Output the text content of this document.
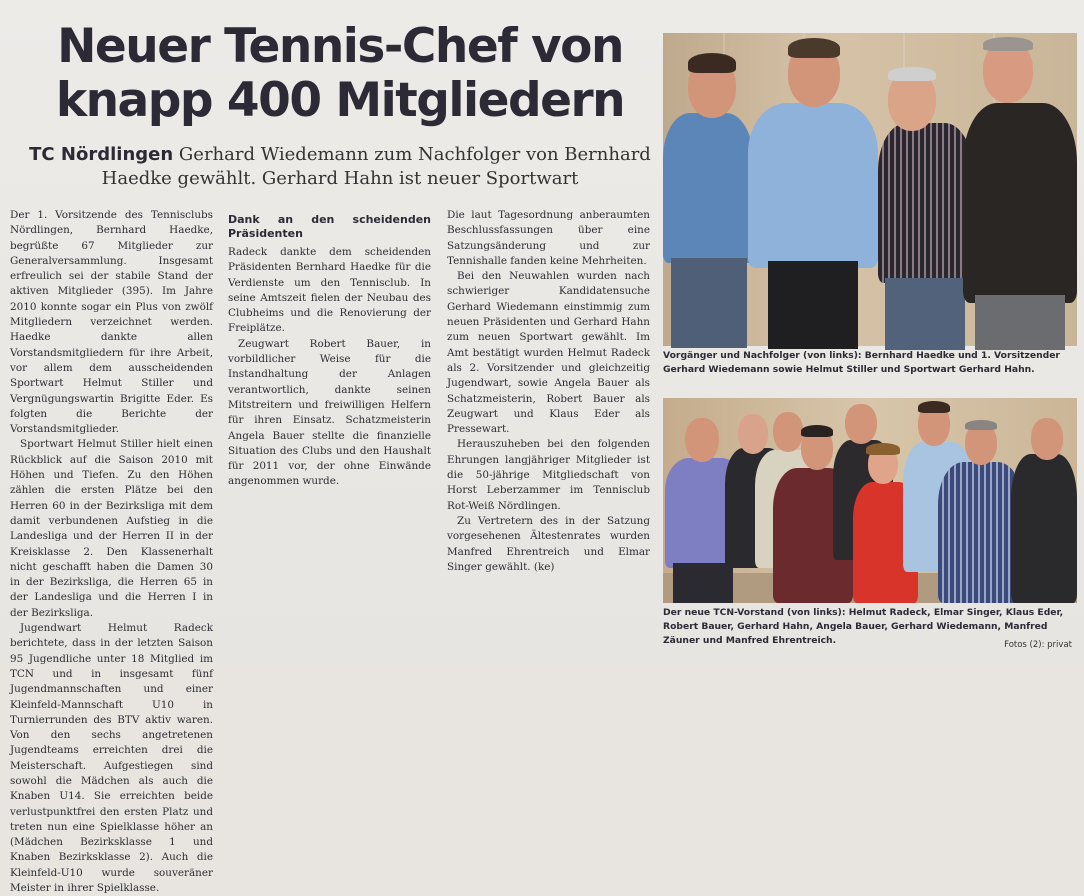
Neuer Tennis-Chef von
knapp 400 Mitgliedern

TC Nördlingen Gerhard Wiedemann zum Nachfolger von Bernhard Haedke gewählt. Gerhard Hahn ist neuer Sportwart

Der 1. Vorsitzende des Tennisclubs Nördlingen, Bernhard Haedke, begrüßte 67 Mitglieder zur Generalversammlung. Insgesamt erfreulich sei der stabile Stand der aktiven Mitglieder (395). Im Jahre 2010 konnte sogar ein Plus von zwölf Mitgliedern verzeichnet werden. Haedke dankte allen Vorstandsmitgliedern für ihre Arbeit, vor allem dem ausscheidenden Sportwart Helmut Stiller und Vergnügungswartin Brigitte Eder. Es folgten die Berichte der Vorstandsmitglieder.

Sportwart Helmut Stiller hielt einen Rückblick auf die Saison 2010 mit Höhen und Tiefen. Zu den Höhen zählen die ersten Plätze bei den Herren 60 in der Bezirksliga mit dem damit verbundenen Aufstieg in die Landesliga und der Herren II in der Kreisklasse 2. Den Klassenerhalt nicht geschafft haben die Damen 30 in der Bezirksliga, die Herren 65 in der Landesliga und die Herren I in der Bezirksliga.

Jugendwart Helmut Radeck berichtete, dass in der letzten Saison 95 Jugendliche unter 18 Mitglied im TCN und in insgesamt fünf Jugendmannschaften und einer Kleinfeld-Mannschaft U10 in Turnierrunden des BTV aktiv waren. Von den sechs angetretenen Jugendteams erreichten drei die Meisterschaft. Aufgestiegen sind sowohl die Mädchen als auch die Knaben U14. Sie erreichten beide verlustpunktfrei den ersten Platz und treten nun eine Spielklasse höher an (Mädchen Bezirksklasse 1 und Knaben Bezirksklasse 2). Auch die Kleinfeld-U10 wurde souveräner Meister in ihrer Spielklasse.

Dank an den scheidenden Präsidenten

Radeck dankte dem scheidenden Präsidenten Bernhard Haedke für die Verdienste um den Tennisclub. In seine Amtszeit fielen der Neubau des Clubheims und die Renovierung der Freiplätze.

Zeugwart Robert Bauer, in vorbildlicher Weise für die Instandhaltung der Anlagen verantwortlich, dankte seinen Mitstreitern und freiwilligen Helfern für ihren Einsatz. Schatzmeisterin Angela Bauer stellte die finanzielle Situation des Clubs und den Haushalt für 2011 vor, der ohne Einwände angenommen wurde.

Die laut Tagesordnung anberaumten Beschlussfassungen über eine Satzungsänderung und zur Tennishalle fanden keine Mehrheiten.

Bei den Neuwahlen wurden nach schwieriger Kandidatensuche Gerhard Wiedemann einstimmig zum neuen Präsidenten und Gerhard Hahn zum neuen Sportwart gewählt. Im Amt bestätigt wurden Helmut Radeck als 2. Vorsitzender und gleichzeitig Jugendwart, sowie Angela Bauer als Schatzmeisterin, Robert Bauer als Zeugwart und Klaus Eder als Pressewart.

Herauszuheben bei den folgenden Ehrungen langjähriger Mitglieder ist die 50-jährige Mitgliedschaft von Horst Leberzammer im Tennisclub Rot-Weiß Nördlingen.

Zu Vertretern des in der Satzung vorgesehenen Ältestenrates wurden Manfred Ehrentreich und Elmar Singer gewählt. (ke)

Vorgänger und Nachfolger (von links): Bernhard Haedke und 1. Vorsitzender Gerhard Wiedemann sowie Helmut Stiller und Sportwart Gerhard Hahn.
Der neue TCN-Vorstand (von links): Helmut Radeck, Elmar Singer, Klaus Eder, Robert Bauer, Gerhard Hahn, Angela Bauer, Gerhard Wiedemann, Manfred Zäuner und Manfred Ehrentreich.	Fotos (2): privat
